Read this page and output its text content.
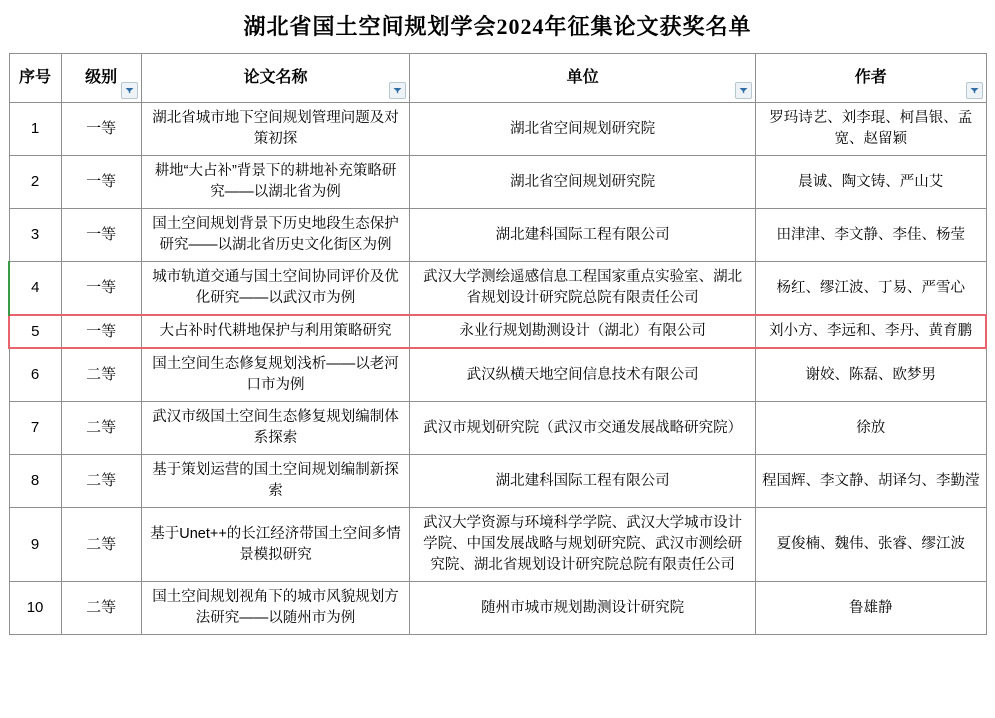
湖北省国土空间规划学会2024年征集论文获奖名单
序号	级别	论文名称	单位	作者

1	一等	湖北省城市地下空间规划管理问题及对策初探	湖北省空间规划研究院	罗玛诗艺、刘李琨、柯昌银、孟宽、赵留颖
2	一等	耕地“大占补”背景下的耕地补充策略研究——以湖北省为例	湖北省空间规划研究院	晨诚、陶文铸、严山艾
3	一等	国土空间规划背景下历史地段生态保护研究——以湖北省历史文化街区为例	湖北建科国际工程有限公司	田津津、李文静、李佳、杨莹
4	一等	城市轨道交通与国土空间协同评价及优化研究——以武汉市为例	武汉大学测绘遥感信息工程国家重点实验室、湖北省规划设计研究院总院有限责任公司	杨红、缪江波、丁易、严雪心
5	一等	大占补时代耕地保护与利用策略研究	永业行规划勘测设计（湖北）有限公司	刘小方、李远和、李丹、黄育鹏
6	二等	国土空间生态修复规划浅析——以老河口市为例	武汉纵横天地空间信息技术有限公司	谢姣、陈磊、欧梦男
7	二等	武汉市级国土空间生态修复规划编制体系探索	武汉市规划研究院（武汉市交通发展战略研究院）	徐放
8	二等	基于策划运营的国土空间规划编制新探索	湖北建科国际工程有限公司	程国辉、李文静、胡译匀、李勤滢
9	二等	基于Unet++的长江经济带国土空间多情景模拟研究	武汉大学资源与环境科学学院、武汉大学城市设计学院、中国发展战略与规划研究院、武汉市测绘研究院、湖北省规划设计研究院总院有限责任公司	夏俊楠、魏伟、张睿、缪江波
10	二等	国土空间规划视角下的城市风貌规划方法研究——以随州市为例	随州市城市规划勘测设计研究院	鲁雄静
